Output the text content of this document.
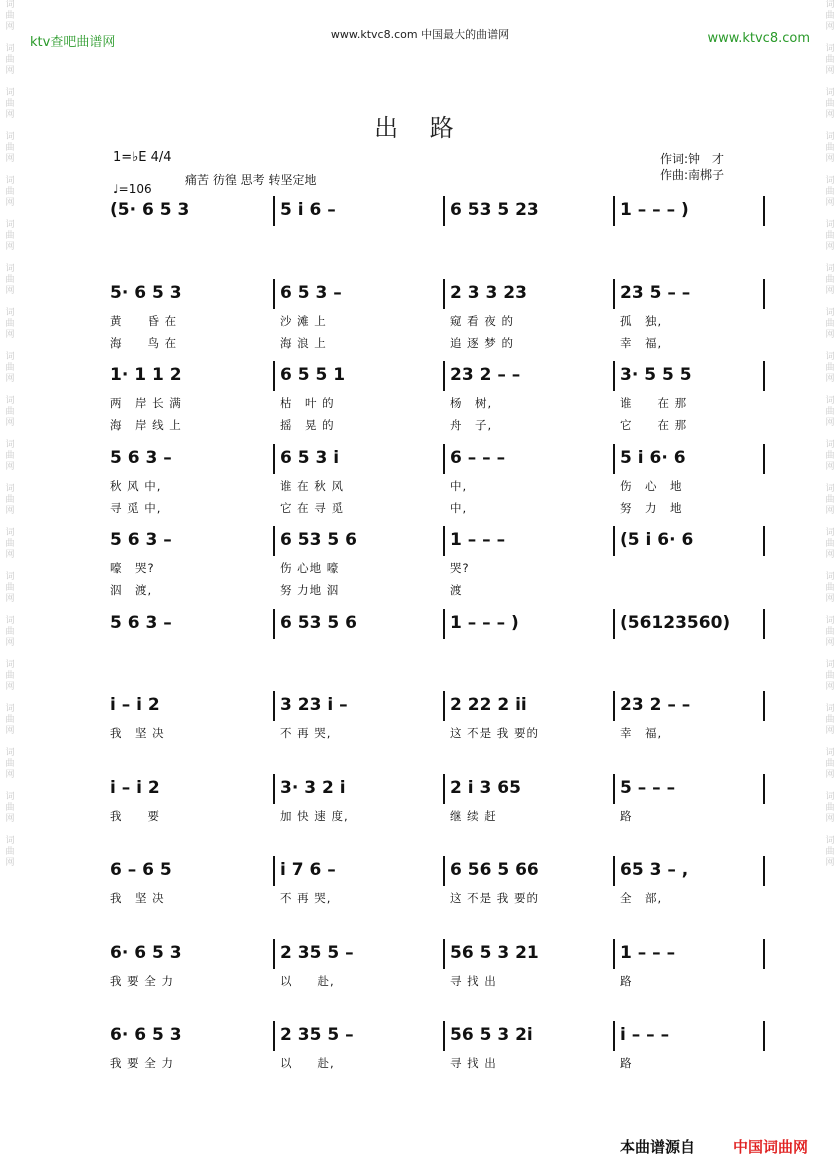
词
曲
网

词
曲
网

词
曲
网

词
曲
网

词
曲
网

词
曲
网

词
曲
网

词
曲
网

词
曲
网

词
曲
网

词
曲
网

词
曲
网

词
曲
网

词
曲
网

词
曲
网

词
曲
网

词
曲
网

词
曲
网

词
曲
网

词
曲
网

词
曲
网

词
曲
网

词
曲
网

词
曲
网

词
曲
网

词
曲
网

词
曲
网

词
曲
网

词
曲
网

词
曲
网

词
曲
网

词
曲
网

词
曲
网

词
曲
网

词
曲
网

词
曲
网

词
曲
网

词
曲
网

词
曲
网

词
曲
网

ktv查吧曲谱网
www.ktvc8.com 中国最大的曲谱网	www.ktvc8.com
出 路
1=♭E 4/4
♩=106
痛苦 彷徨 思考 转坚定地
作词:钟　才
作曲:南梆子
(5· 6 5 3	5 i 6 –	6 53 5 23	1 – – – )
5· 6 5 3	6 5 3 –	2 3 3 23	23 5 – –
黄　　昏 在	沙 滩 上	窥 看 夜 的	孤　独,
海　　鸟 在	海 浪 上	追 逐 梦 的	幸　福,
1· 1 1 2	6 5 5 1	23 2 – –	3· 5 5 5
两　岸 长 满	枯　叶 的	杨　树,	谁　　在 那
海　岸 线 上	摇　晃 的	舟　子,	它　　在 那
5 6 3 –	6 5 3 i	6 – – –	5 i 6· 6
秋 风 中,	谁 在 秋 风	中,	伤　心　地
寻 觅 中,	它 在 寻 觅	中,	努　力　地
5 6 3 –	6 53 5 6	1 – – –	(5 i 6· 6
嚎　哭?	伤 心地 嚎	哭?
泅　渡,	努 力地 泅	渡
5 6 3 –	6 53 5 6	1 – – – )	(56123560)
i – i 2	3 23 i –	2 22 2 ii	23 2 – –
我　坚 决	不 再 哭,	这 不是 我 要的	幸　福,
i – i 2	3· 3 2 i	2 i 3 65	5 – – –
我　　要	加 快 速 度,	继 续 赶	路
6 – 6 5	i 7 6 –	6 56 5 66	65 3 – ,
我　坚 决	不 再 哭,	这 不是 我 要的	全　部,
6· 6 5 3	2 35 5 –	56 5 3 21	1 – – –
我 要 全 力	以　　赴,	寻 找 出	路
6· 6 5 3	2 35 5 –	56 5 3 2i	i – – –
我 要 全 力	以　　赴,	寻 找 出	路
本曲谱源自	中国词曲网
